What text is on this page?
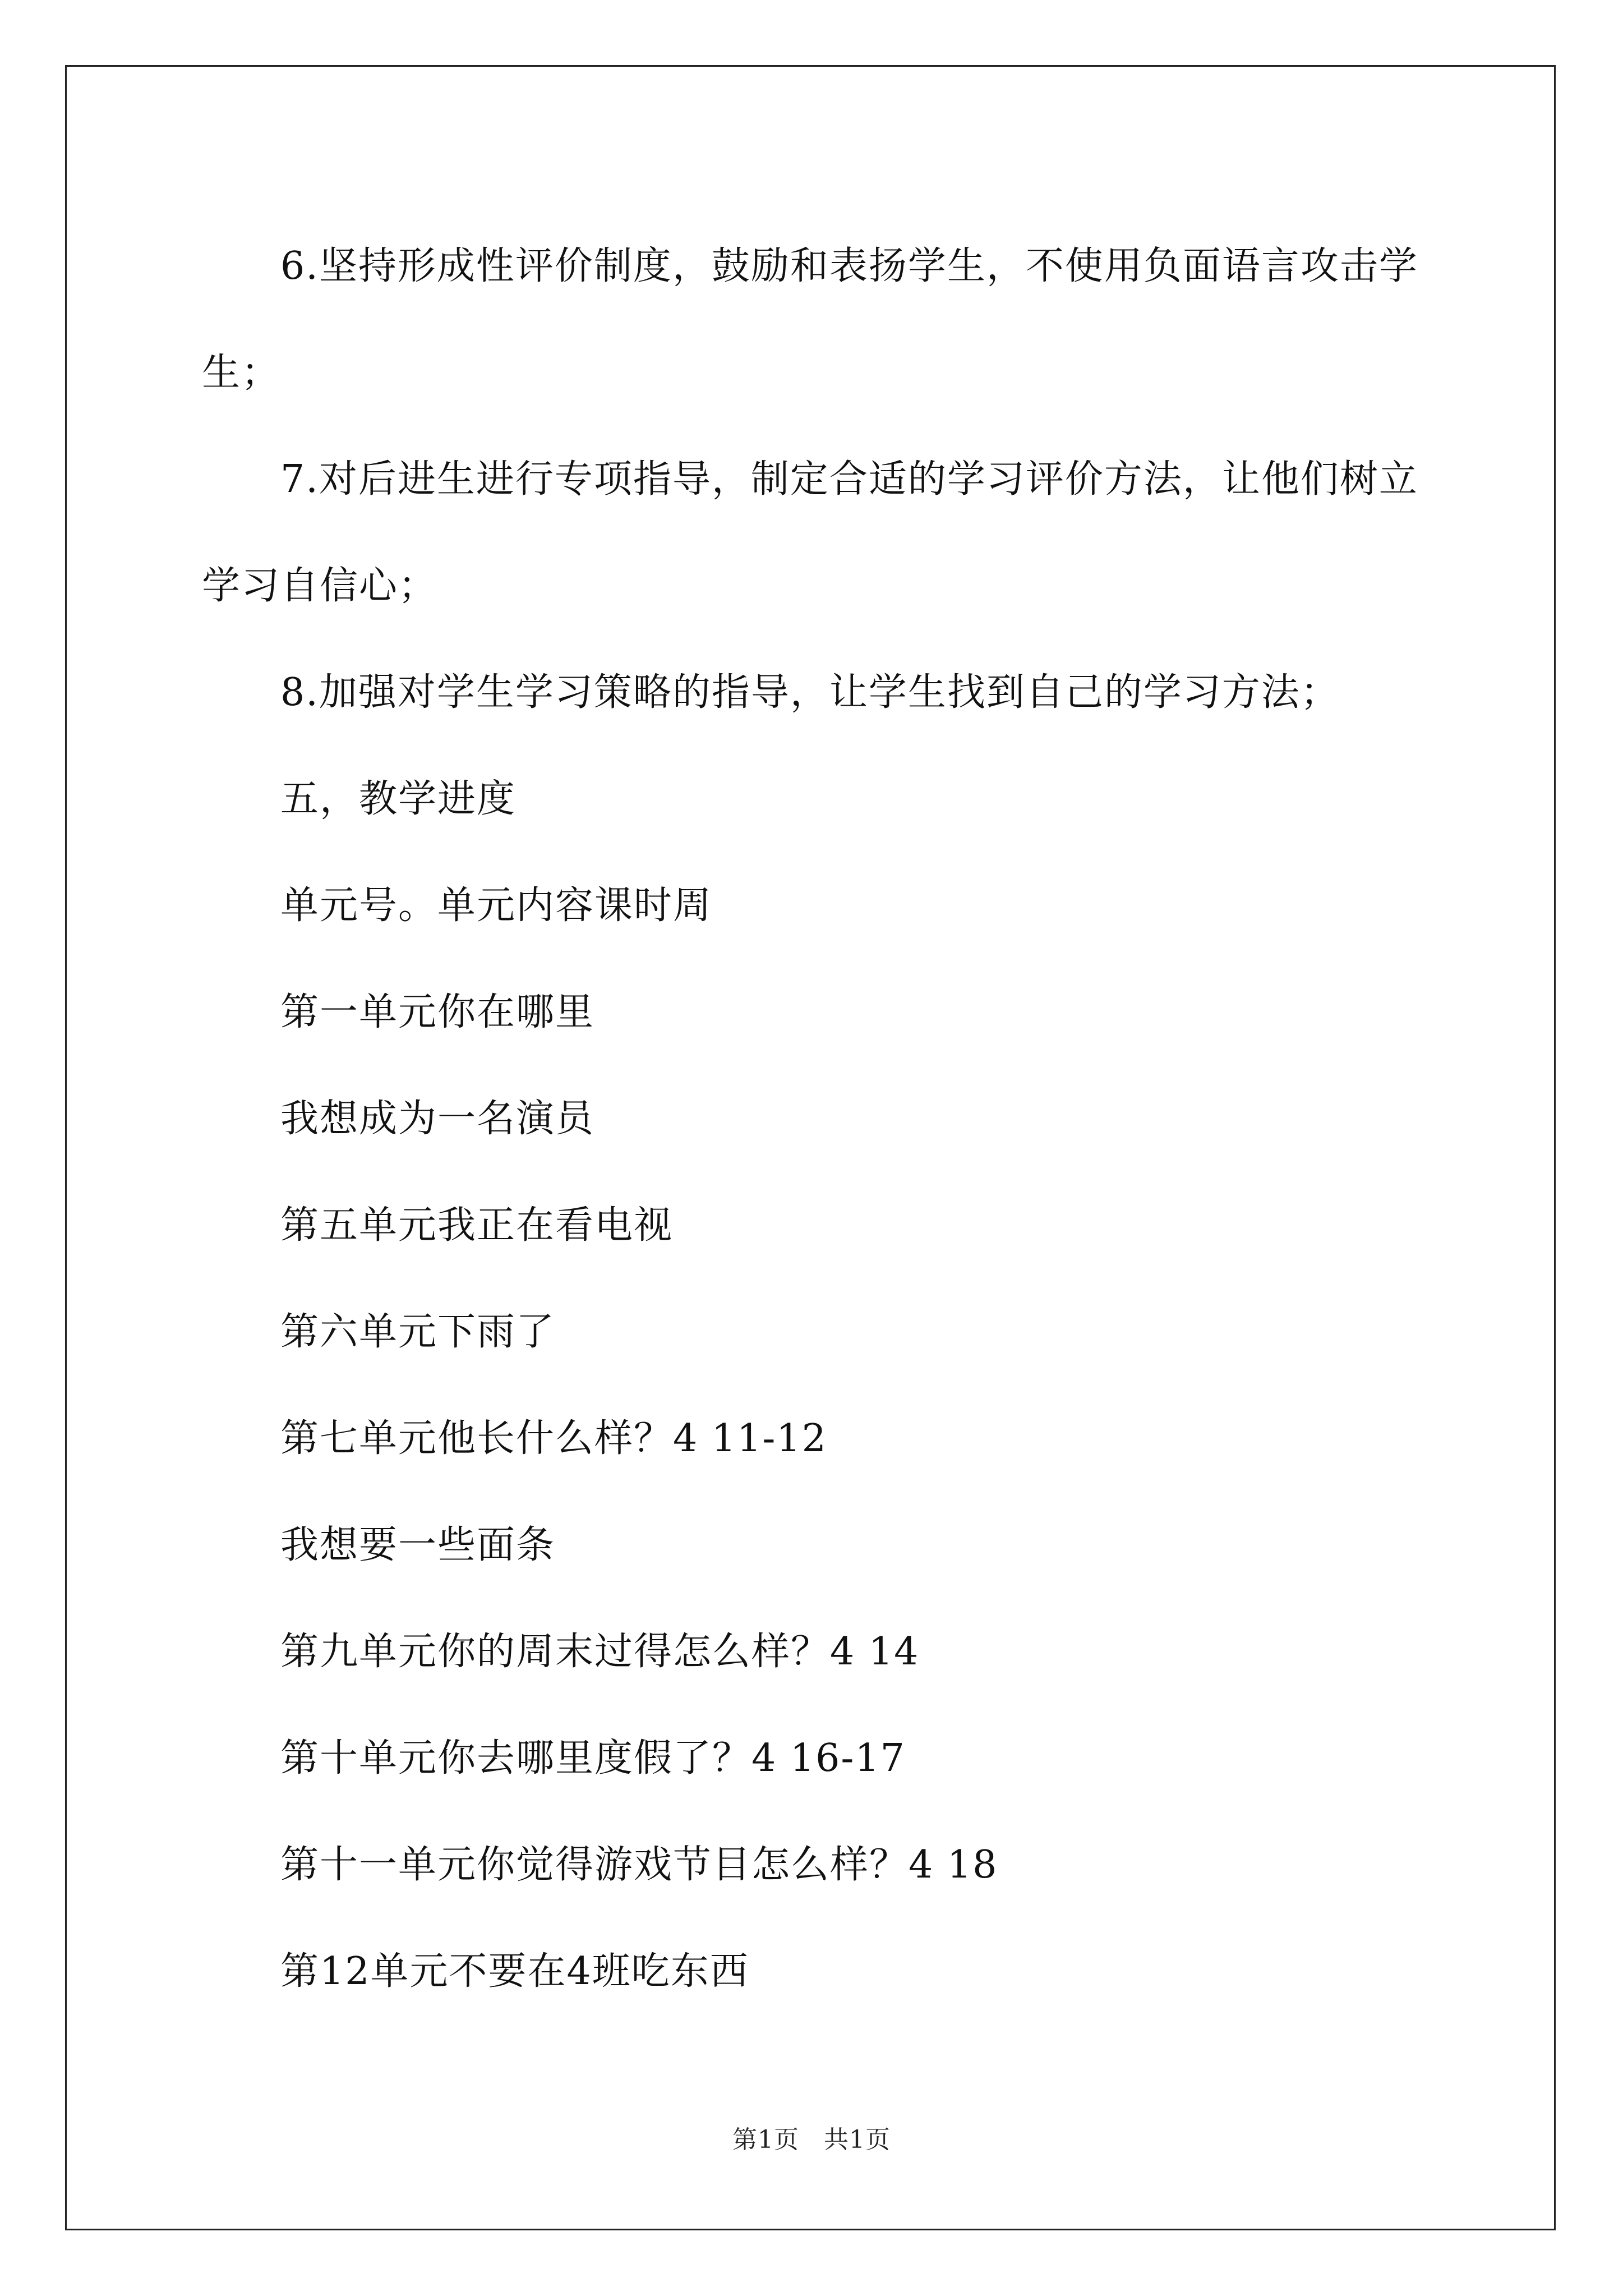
6.坚持形成性评价制度，鼓励和表扬学生，不使用负面语言攻击学生；

7.对后进生进行专项指导，制定合适的学习评价方法，让他们树立学习自信心；

8.加强对学生学习策略的指导，让学生找到自己的学习方法；

五，教学进度

单元号。单元内容课时周

第一单元你在哪里

我想成为一名演员

第五单元我正在看电视

第六单元下雨了

第七单元他长什么样？4 11-12

我想要一些面条

第九单元你的周末过得怎么样？4 14

第十单元你去哪里度假了？4 16-17

第十一单元你觉得游戏节目怎么样？4 18

第12单元不要在4班吃东西

第1页 共1页
